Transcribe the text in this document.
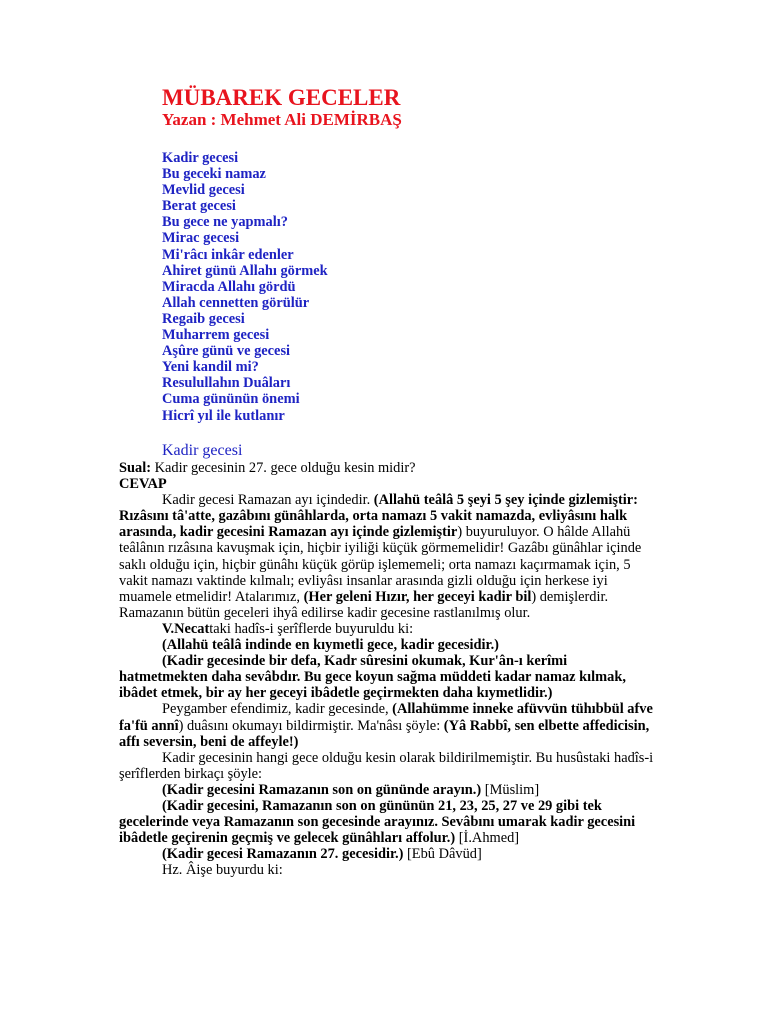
MÜBAREK GECELER
Yazan : Mehmet Ali DEMİRBAŞ
Kadir gecesi
Bu geceki namaz
Mevlid gecesi
Berat gecesi
Bu gece ne yapmalı?
Mirac gecesi
Mi'râcı inkâr edenler
Ahiret günü Allahı görmek
Miracda Allahı gördü
Allah cennetten görülür
Regaib gecesi
Muharrem gecesi
Aşûre günü ve gecesi
Yeni kandil mi?
Resulullahın Duâları
Cuma gününün önemi
Hicrî yıl ile kutlanır
Kadir gecesi
Sual: Kadir gecesinin 27. gece olduğu kesin midir?
CEVAP
Kadir gecesi Ramazan ayı içindedir. (Allahü teâlâ 5 şeyi 5 şey içinde gizlemiştir:
Rızâsını tâ'atte, gazâbını günâhlarda, orta namazı 5 vakit namazda, evliyâsını halk
arasında, kadir gecesini Ramazan ayı içinde gizlemiştir) buyuruluyor. O hâlde Allahü
teâlânın rızâsına kavuşmak için, hiçbir iyiliği küçük görmemelidir! Gazâbı günâhlar içinde
saklı olduğu için, hiçbir günâhı küçük görüp işlememeli; orta namazı kaçırmamak için, 5
vakit namazı vaktinde kılmalı; evliyâsı insanlar arasında gizli olduğu için herkese iyi
muamele etmelidir! Atalarımız, (Her geleni Hızır, her geceyi kadir bil) demişlerdir.
Ramazanın bütün geceleri ihyâ edilirse kadir gecesine rastlanılmış olur.
V.Necattaki hadîs-i şerîflerde buyuruldu ki:
(Allahü teâlâ indinde en kıymetli gece, kadir gecesidir.)
(Kadir gecesinde bir defa, Kadr sûresini okumak, Kur'ân-ı kerîmi
hatmetmekten daha sevâbdır. Bu gece koyun sağma müddeti kadar namaz kılmak,
ibâdet etmek, bir ay her geceyi ibâdetle geçirmekten daha kıymetlidir.)
Peygamber efendimiz, kadir gecesinde, (Allahümme inneke afüvvün tühıbbül afve
fa'fü annî) duâsını okumayı bildirmiştir. Ma'nâsı şöyle: (Yâ Rabbî, sen elbette affedicisin,
affı seversin, beni de affeyle!)
Kadir gecesinin hangi gece olduğu kesin olarak bildirilmemiştir. Bu husûstaki hadîs-i
şerîflerden birkaçı şöyle:
(Kadir gecesini Ramazanın son on gününde arayın.) [Müslim]
(Kadir gecesini, Ramazanın son on gününün 21, 23, 25, 27 ve 29 gibi tek
gecelerinde veya Ramazanın son gecesinde arayınız. Sevâbını umarak kadir gecesini
ibâdetle geçirenin geçmiş ve gelecek günâhları affolur.) [İ.Ahmed]
(Kadir gecesi Ramazanın 27. gecesidir.) [Ebû Dâvüd]
Hz. Âişe buyurdu ki:
